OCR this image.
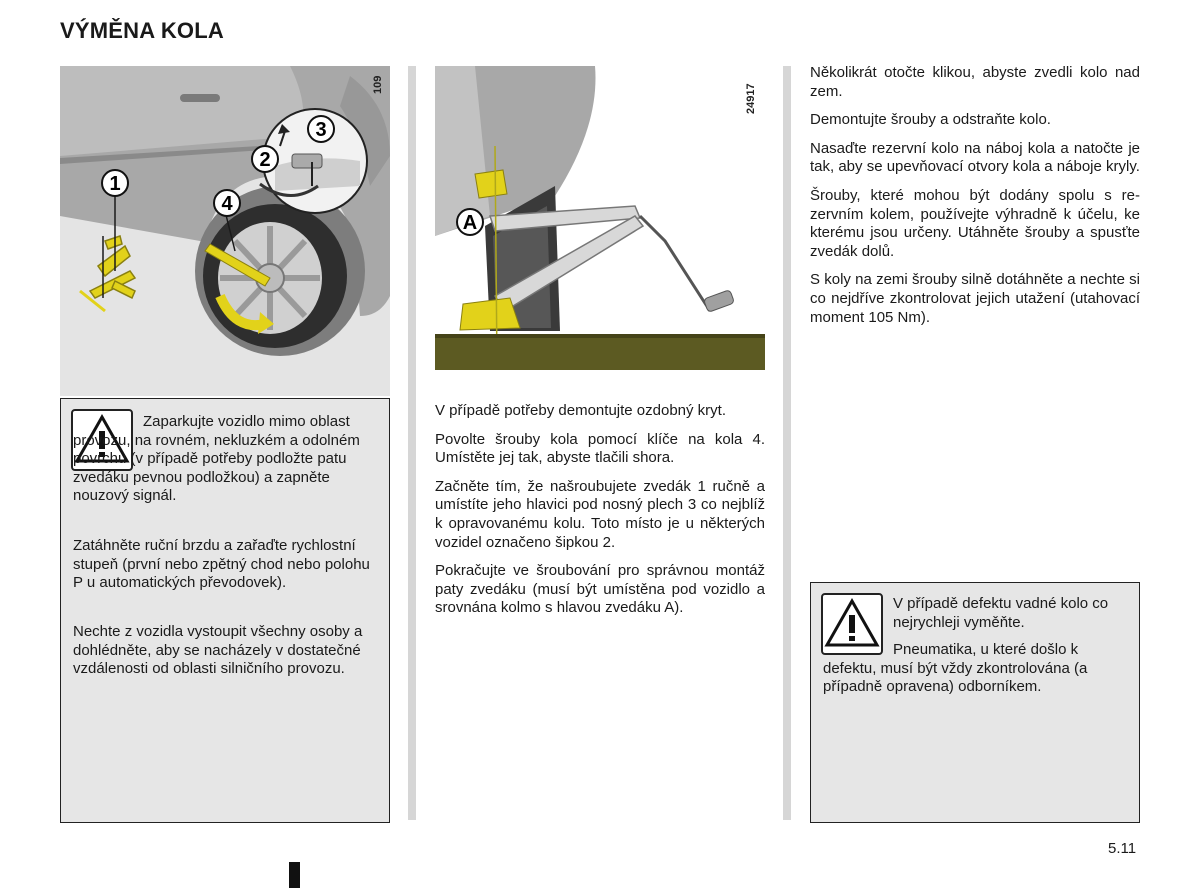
VÝMĚNA KOLA
1
2
3
4
109
A
24917
Zaparkujte vozidlo mimo oblast provozu, na rovném, nekluzkém a odolném povrchu (v případě potřeby podložte patu zvedáku pevnou podložkou) a zapněte nouzový signál.
Zatáhněte ruční brzdu a zařaďte rychlostní stupeň (první nebo zpětný chod nebo polohu P u automatických převodovek).
Nechte z vozidla vystoupit všechny osoby a dohlédněte, aby se nacházely v dostatečné vzdálenosti od oblasti silničního provozu.

V případě potřeby demontujte ozdobný kryt.

Povolte šrouby kola pomocí klíče na kola 4. Umístěte jej tak, abyste tlačili shora.

Začněte tím, že našroubujete zvedák 1 ručně a umístíte jeho hlavici pod nosný plech 3 co nejblíž k opravovanému kolu. Toto místo je u některých vozidel označeno šipkou 2.

Pokračujte ve šroubování pro správnou montáž paty zvedáku (musí být umístěna pod vozidlo a srovnána kolmo s hlavou zvedáku A).

Několikrát otočte klikou, abyste zvedli kolo nad zem.

Demontujte šrouby a odstraňte kolo.

Nasaďte rezervní kolo na náboj kola a natočte je tak, aby se upevňovací otvory kola a náboje kryly.

Šrouby, které mohou být dodány spolu s rezervním kolem, používejte výhradně k účelu, ke kterému jsou určeny. Utáhněte šrouby a spusťte zvedák dolů.

S koly na zemi šrouby silně dotáhněte a nechte si co nejdříve zkontrolovat jejich utažení (utahovací moment 105 Nm).

V případě defektu vadné kolo co nejrychleji vyměňte.
Pneumatika, u které došlo k defektu, musí být vždy zkontrolována (a případně opravena) odborníkem.
5.11
